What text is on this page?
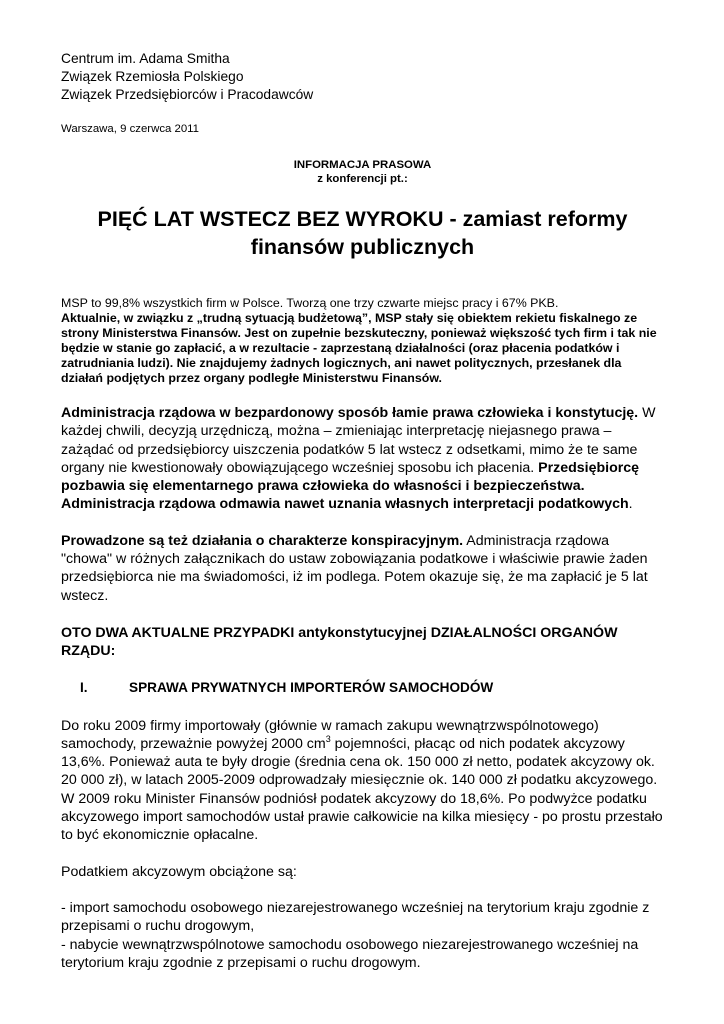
Centrum im. Adama Smitha
Związek Rzemiosła Polskiego
Związek Przedsiębiorców i Pracodawców
Warszawa, 9 czerwca 2011
INFORMACJA PRASOWA
z konferencji pt.:
PIĘĆ LAT WSTECZ BEZ WYROKU - zamiast reformy
finansów publicznych
MSP to 99,8% wszystkich firm w Polsce. Tworzą one trzy czwarte miejsc pracy i 67% PKB.
Aktualnie, w związku z „trudną sytuacją budżetową”, MSP stały się obiektem rekietu fiskalnego ze strony Ministerstwa Finansów. Jest on zupełnie bezskuteczny, ponieważ większość tych firm i tak nie będzie w stanie go zapłacić, a w rezultacie - zaprzestaną działalności (oraz płacenia podatków i zatrudniania ludzi). Nie znajdujemy żadnych logicznych, ani nawet politycznych, przesłanek dla działań podjętych przez organy podległe Ministerstwu Finansów.
Administracja rządowa w bezpardonowy sposób łamie prawa człowieka i konstytucję. W każdej chwili, decyzją urzędniczą, można – zmieniając interpretację niejasnego prawa – zażądać od przedsiębiorcy uiszczenia podatków 5 lat wstecz z odsetkami, mimo że te same organy nie kwestionowały obowiązującego wcześniej sposobu ich płacenia. Przedsiębiorcę pozbawia się elementarnego prawa człowieka do własności i bezpieczeństwa. Administracja rządowa odmawia nawet uznania własnych interpretacji podatkowych.
Prowadzone są też działania o charakterze konspiracyjnym. Administracja rządowa "chowa" w różnych załącznikach do ustaw zobowiązania podatkowe i właściwie prawie żaden przedsiębiorca nie ma świadomości, iż im podlega. Potem okazuje się, że ma zapłacić je 5 lat wstecz.
OTO DWA AKTUALNE PRZYPADKI antykonstytucyjnej DZIAŁALNOŚCI ORGANÓW RZĄDU:
I.	SPRAWA PRYWATNYCH IMPORTERÓW SAMOCHODÓW
Do roku 2009 firmy importowały (głównie w ramach zakupu wewnątrzwspólnotowego) samochody, przeważnie powyżej 2000 $cm^3$ pojemności, płacąc od nich podatek akcyzowy 13,6%. Ponieważ auta te były drogie (średnia cena ok. 150 000 zł netto, podatek akcyzowy ok. 20 000 zł), w latach 2005-2009 odprowadzały miesięcznie ok. 140 000 zł podatku akcyzowego. W 2009 roku Minister Finansów podniósł podatek akcyzowy do 18,6%. Po podwyżce podatku akcyzowego import samochodów ustał prawie całkowicie na kilka miesięcy - po prostu przestało to być ekonomicznie opłacalne.
Podatkiem akcyzowym obciążone są:
- import samochodu osobowego niezarejestrowanego wcześniej na terytorium kraju zgodnie z przepisami o ruchu drogowym,
- nabycie wewnątrzwspólnotowe samochodu osobowego niezarejestrowanego wcześniej na terytorium kraju zgodnie z przepisami o ruchu drogowym.
